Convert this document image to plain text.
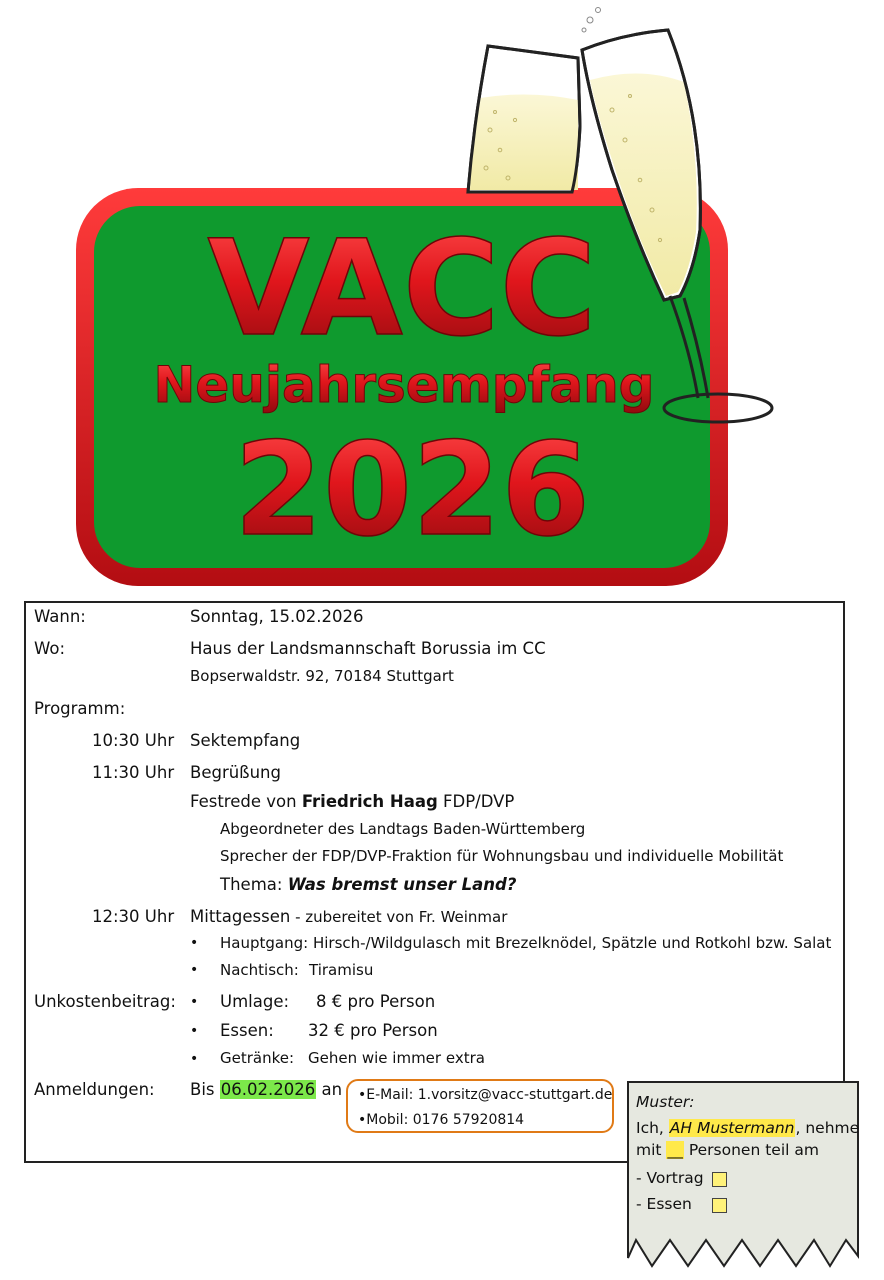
VACC
Neujahrsempfang
2026
Wann:	Sonntag, 15.02.2026
Wo:	Haus der Landsmannschaft Borussia im CC
Bopserwaldstr. 92, 70184 Stuttgart
Programm:
10:30 Uhr Sektempfang
11:30 Uhr Begrüßung
Festrede von Friedrich Haag FDP/DVP
Abgeordneter des Landtags Baden-Württemberg
Sprecher der FDP/DVP-Fraktion für Wohnungsbau und individuelle Mobilität
Thema: Was bremst unser Land?
12:30 Uhr Mittagessen - zubereitet von Fr. Weinmar
• Hauptgang: Hirsch-/Wildgulasch mit Brezelknödel, Spätzle und Rotkohl bzw. Salat
• Nachtisch: Tiramisu
Unkostenbeitrag: • Umlage: 8 € pro Person
• Essen: 32 € pro Person
• Getränke: Gehen wie immer extra
Anmeldungen: Bis 06.02.2026 an •E-Mail: 1.vorsitz@vacc-stuttgart.de
•Mobil: 0176 57920814
Muster:
Ich, AH Mustermann, nehme
mit __ Personen teil am
- Vortrag
- Essen
